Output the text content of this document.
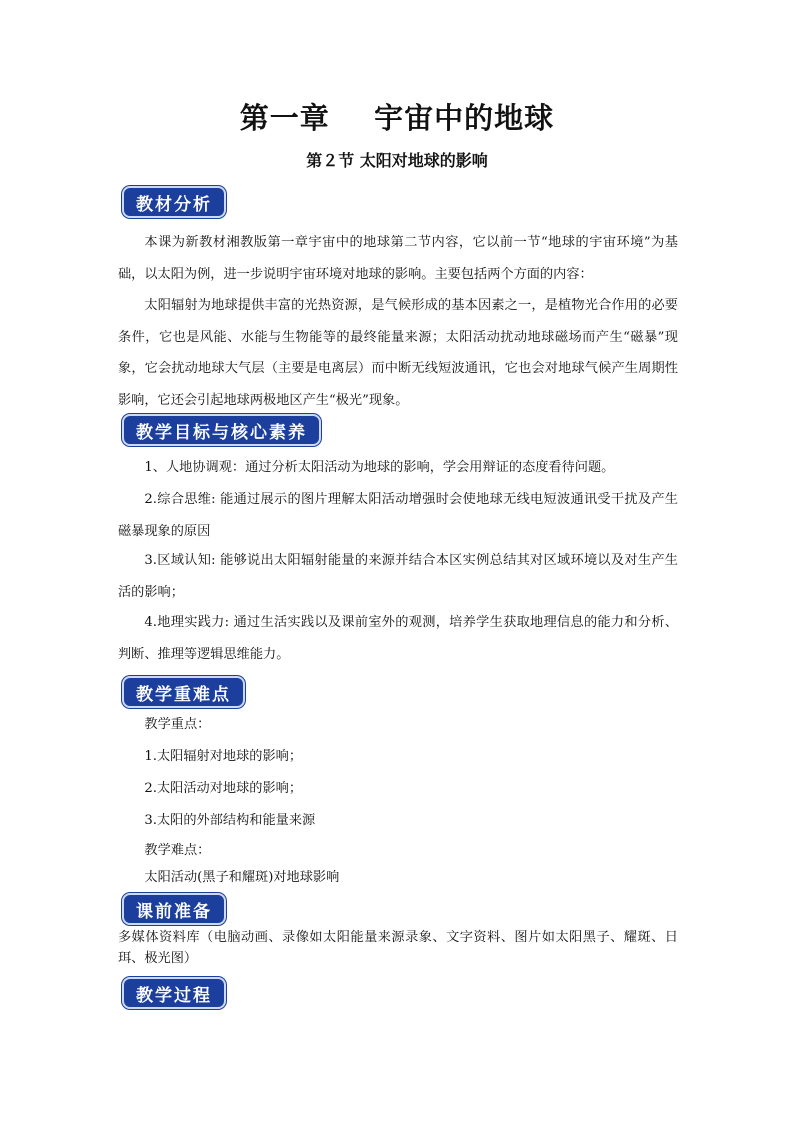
第一章    宇宙中的地球
第２节 太阳对地球的影响
教材分析

本课为新教材湘教版第一章宇宙中的地球第二节内容，它以前一节“地球的宇宙环境”为基础，以太阳为例，进一步说明宇宙环境对地球的影响。主要包括两个方面的内容：

太阳辐射为地球提供丰富的光热资源，是气候形成的基本因素之一，是植物光合作用的必要条件，它也是风能、水能与生物能等的最终能量来源；太阳活动扰动地球磁场而产生“磁暴”现象，它会扰动地球大气层（主要是电离层）而中断无线短波通讯，它也会对地球气候产生周期性影响，它还会引起地球两极地区产生“极光”现象。

教学目标与核心素养

1、人地协调观：通过分析太阳活动为地球的影响，学会用辩证的态度看待问题。

2.综合思维: 能通过展示的图片理解太阳活动增强时会使地球无线电短波通讯受干扰及产生磁暴现象的原因

3.区域认知: 能够说出太阳辐射能量的来源并结合本区实例总结其对区域环境以及对生产生活的影响；

4.地理实践力: 通过生活实践以及课前室外的观测，培养学生获取地理信息的能力和分析、判断、推理等逻辑思维能力。

教学重难点

教学重点：

1.太阳辐射对地球的影响；

2.太阳活动对地球的影响；

3.太阳的外部结构和能量来源

教学难点：

太阳活动(黑子和耀斑)对地球影响

课前准备

多媒体资料库（电脑动画、录像如太阳能量来源录象、文字资料、图片如太阳黑子、耀斑、日珥、极光图）

教学过程
